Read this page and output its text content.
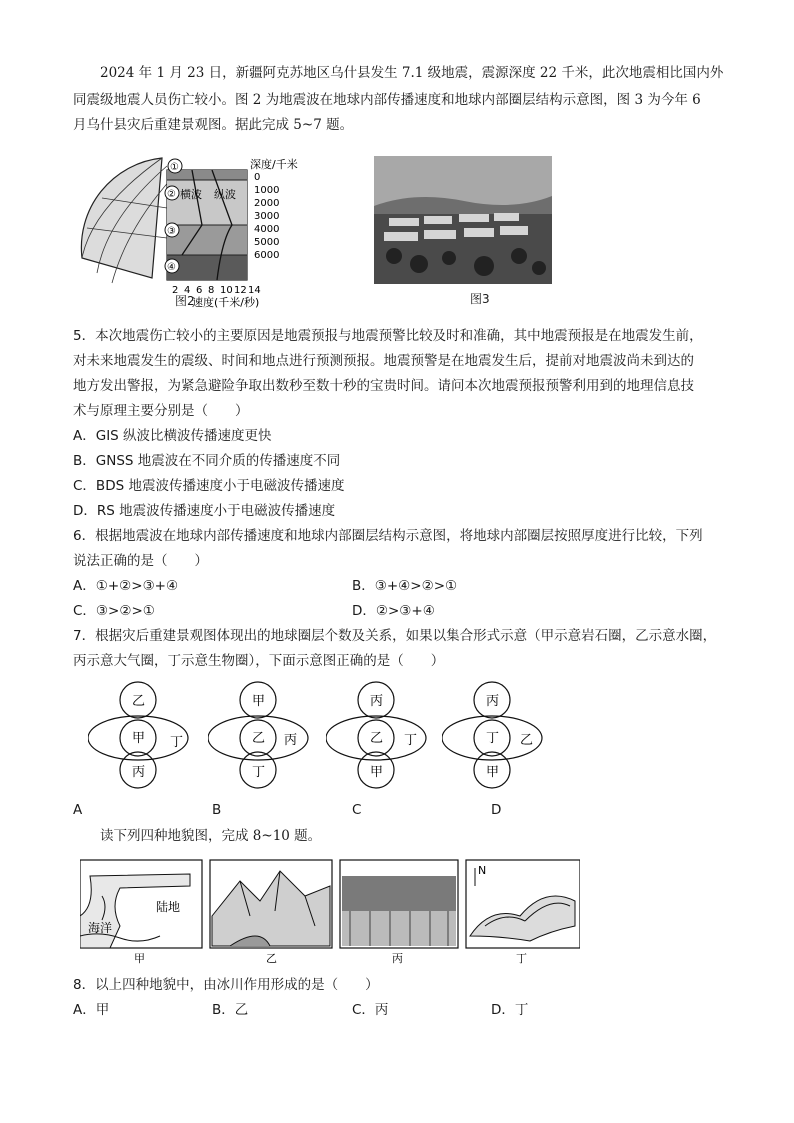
2024 年 1 月 23 日，新疆阿克苏地区乌什县发生 7.1 级地震，震源深度 22 千米，此次地震相比国内外
同震级地震人员伤亡较小。图 2 为地震波在地球内部传播速度和地球内部圈层结构示意图，图 3 为今年 6
月乌什县灾后重建景观图。据此完成 5~7 题。
①
②
③
④
横波 纵波
深度/千米
0
1000
2000
3000
4000
5000
6000
2 4 6 8 10 12 14
速度(千米/秒)
图2	图3
5．本次地震伤亡较小的主要原因是地震预报与地震预警比较及时和准确，其中地震预报是在地震发生前，
对未来地震发生的震级、时间和地点进行预测预报。地震预警是在地震发生后，提前对地震波尚未到达的
地方发出警报，为紧急避险争取出数秒至数十秒的宝贵时间。请问本次地震预报预警利用到的地理信息技
术与原理主要分别是（　　）
A．GIS 纵波比横波传播速度更快
B．GNSS 地震波在不同介质的传播速度不同
C．BDS 地震波传播速度小于电磁波传播速度
D．RS 地震波传播速度小于电磁波传播速度
6．根据地震波在地球内部传播速度和地球内部圈层结构示意图，将地球内部圈层按照厚度进行比较，下列
说法正确的是（　　）
A．①+②>③+④	B．③+④>②>①
C．③>②>①	D．②>③+④
7．根据灾后重建景观图体现出的地球圈层个数及关系，如果以集合形式示意（甲示意岩石圈，乙示意水圈，
丙示意大气圈，丁示意生物圈），下面示意图正确的是（　　）
乙
甲 丁
丙
甲
乙 丙
丁
丙
乙 丁
甲
丙
丁 乙
甲
A	B	C	D
读下列四种地貌图，完成 8~10 题。
海洋
陆地
N
甲	乙	丙	丁
8．以上四种地貌中，由冰川作用形成的是（　　）
A．甲	B．乙	C．丙	D．丁
